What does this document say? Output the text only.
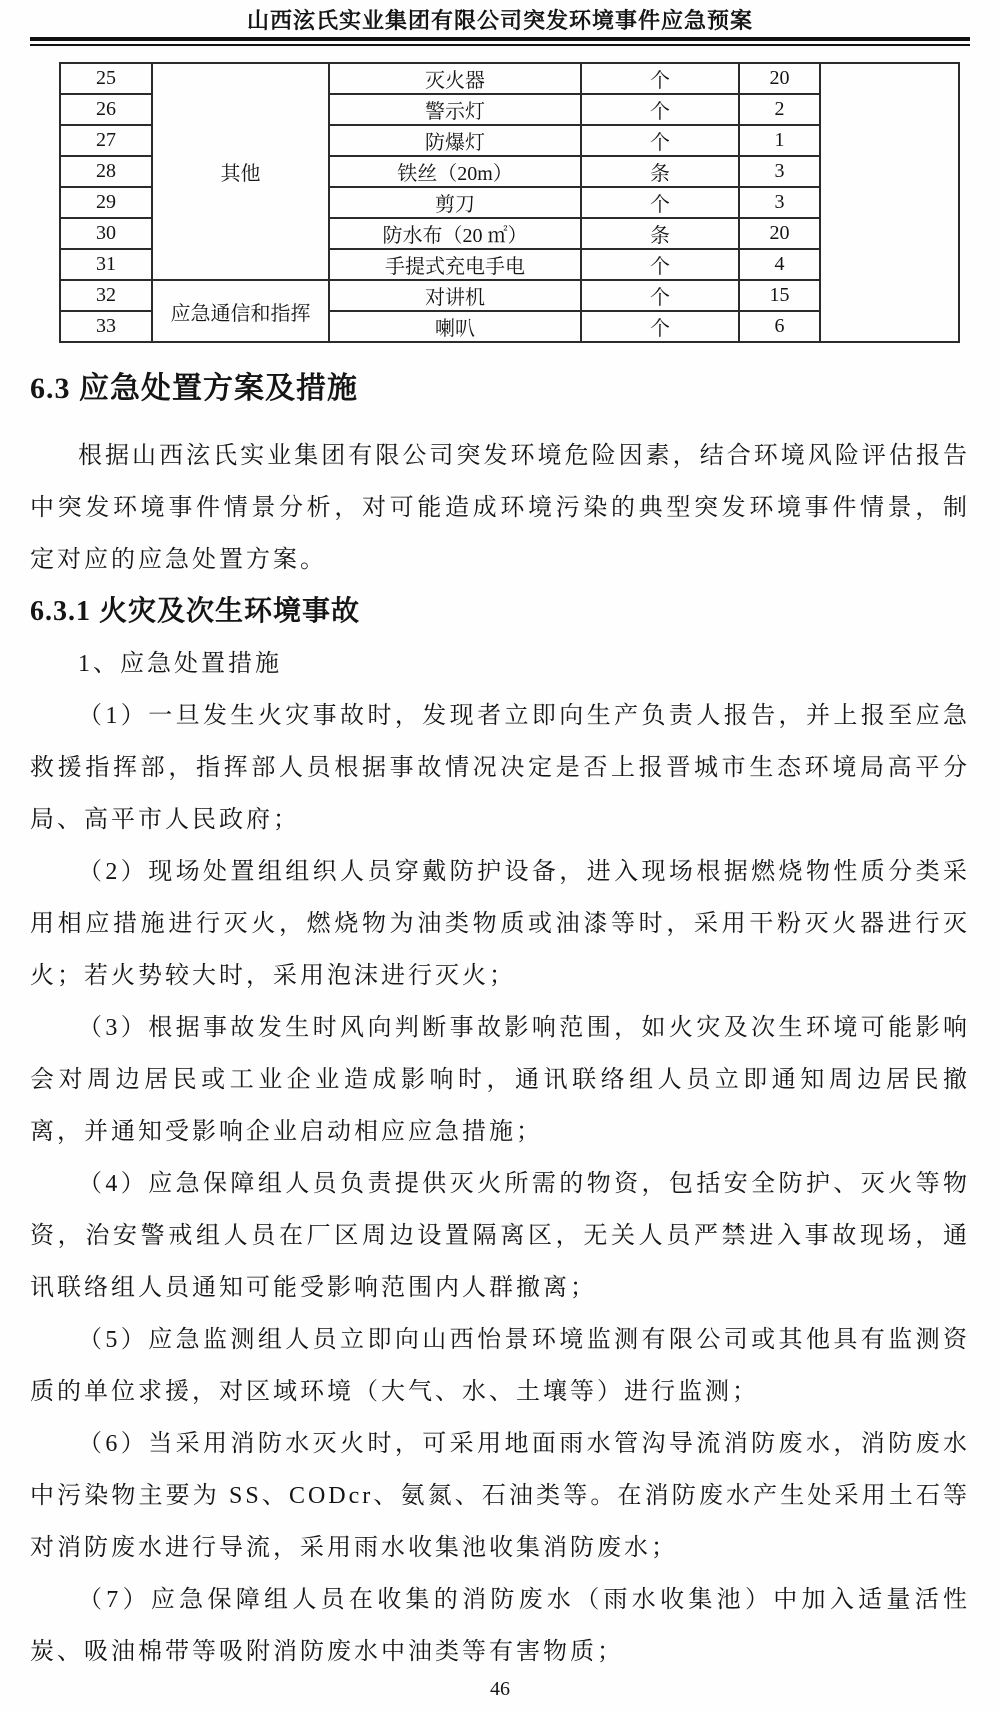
山西泫氏实业集团有限公司突发环境事件应急预案
25	其他	灭火器	个	20	
26		警示灯	个	2	
27		防爆灯	个	1	
28		铁丝（20m）	条	3	
29		剪刀	个	3	
30		防水布（20 ㎡）	条	20	
31		手提式充电手电	个	4	
32	应急通信和指挥	对讲机	个	15	
33		喇叭	个	6	
6.3 应急处置方案及措施

根据山西泫氏实业集团有限公司突发环境危险因素，结合环境风险评估报告中突发环境事件情景分析，对可能造成环境污染的典型突发环境事件情景，制定对应的应急处置方案。

6.3.1 火灾及次生环境事故

1、应急处置措施

（1）一旦发生火灾事故时，发现者立即向生产负责人报告，并上报至应急救援指挥部，指挥部人员根据事故情况决定是否上报晋城市生态环境局高平分局、高平市人民政府；

（2）现场处置组组织人员穿戴防护设备，进入现场根据燃烧物性质分类采用相应措施进行灭火，燃烧物为油类物质或油漆等时，采用干粉灭火器进行灭火；若火势较大时，采用泡沫进行灭火；

（3）根据事故发生时风向判断事故影响范围，如火灾及次生环境可能影响会对周边居民或工业企业造成影响时，通讯联络组人员立即通知周边居民撤离，并通知受影响企业启动相应应急措施；

（4）应急保障组人员负责提供灭火所需的物资，包括安全防护、灭火等物资，治安警戒组人员在厂区周边设置隔离区，无关人员严禁进入事故现场，通讯联络组人员通知可能受影响范围内人群撤离；

（5）应急监测组人员立即向山西怡景环境监测有限公司或其他具有监测资质的单位求援，对区域环境（大气、水、土壤等）进行监测；

（6）当采用消防水灭火时，可采用地面雨水管沟导流消防废水，消防废水中污染物主要为 SS、CODcr、氨氮、石油类等。在消防废水产生处采用土石等对消防废水进行导流，采用雨水收集池收集消防废水；

（7）应急保障组人员在收集的消防废水（雨水收集池）中加入适量活性炭、吸油棉带等吸附消防废水中油类等有害物质；

46
